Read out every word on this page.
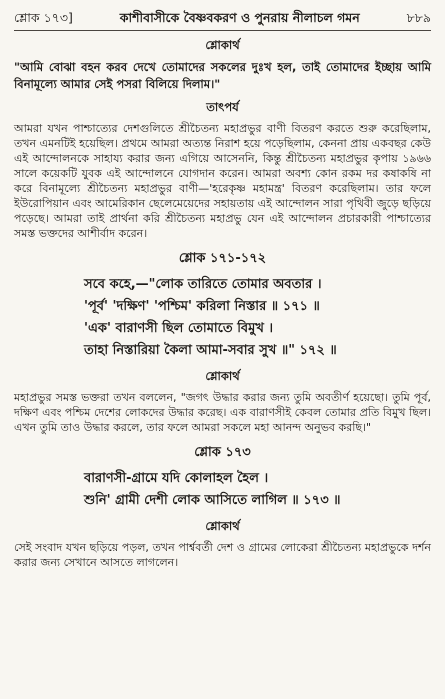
শ্লোক ১৭৩]	কাশীবাসীকে বৈষ্ণবকরণ ও পুনরায় নীলাচল গমন	৮৮৯
শ্লোকার্থ

"আমি বোঝা বহন করব দেখে তোমাদের সকলের দুঃখ হল, তাই তোমাদের ইচ্ছায় আমি বিনামূল্যে আমার সেই পসরা বিলিয়ে দিলাম।"

তাৎপর্য

আমরা যখন পাশ্চাত্যের দেশগুলিতে শ্রীচৈতন্য মহাপ্রভুর বাণী বিতরণ করতে শুরু করেছিলাম, তখন এমনটিই হয়েছিল। প্রথমে আমরা অত্যন্ত নিরাশ হয়ে পড়েছিলাম, কেননা প্রায় একবছর কেউ এই আন্দোলনকে সাহায্য করার জন্য এগিয়ে আসেননি, কিন্তু শ্রীচৈতন্য মহাপ্রভুর কৃপায় ১৯৬৬ সালে কয়েকটি যুবক এই আন্দোলনে যোগদান করেন। আমরা অবশ্য কোন রকম দর কষাকষি না করে বিনামূল্যে শ্রীচৈতন্য মহাপ্রভুর বাণী—'হরেকৃষ্ণ মহামন্ত্র' বিতরণ করেছিলাম। তার ফলে ইউরোপিয়ান এবং আমেরিকান ছেলেমেয়েদের সহায়তায় এই আন্দোলন সারা পৃথিবী জুড়ে ছড়িয়ে পড়েছে। আমরা তাই প্রার্থনা করি শ্রীচৈতন্য মহাপ্রভু যেন এই আন্দোলন প্রচারকারী পাশ্চাত্যের সমস্ত ভক্তদের আশীর্বাদ করেন।

শ্লোক ১৭১-১৭২
সবে কহে,—"লোক তারিতে তোমার অবতার ।
'পূর্ব' 'দক্ষিণ' 'পশ্চিম' করিলা নিস্তার ॥ ১৭১ ॥
'এক' বারাণসী ছিল তোমাতে বিমুখ ।
তাহা নিস্তারিয়া কৈলা আমা-সবার সুখ ॥" ১৭২ ॥
শ্লোকার্থ

মহাপ্রভুর সমস্ত ভক্তরা তখন বললেন, "জগৎ উদ্ধার করার জন্য তুমি অবতীর্ণ হয়েছো। তুমি পূর্ব, দক্ষিণ এবং পশ্চিম দেশের লোকদের উদ্ধার করেছ। এক বারাণসীই কেবল তোমার প্রতি বিমুখ ছিল। এখন তুমি তাও উদ্ধার করলে, তার ফলে আমরা সকলে মহা আনন্দ অনুভব করছি।"

শ্লোক ১৭৩
বারাণসী-গ্রামে যদি কোলাহল হৈল ।
শুনি' গ্রামী দেশী লোক আসিতে লাগিল ॥ ১৭৩ ॥
শ্লোকার্থ

সেই সংবাদ যখন ছড়িয়ে পড়ল, তখন পার্শ্ববর্তী দেশ ও গ্রামের লোকেরা শ্রীচৈতন্য মহাপ্রভুকে দর্শন করার জন্য সেখানে আসতে লাগলেন।
